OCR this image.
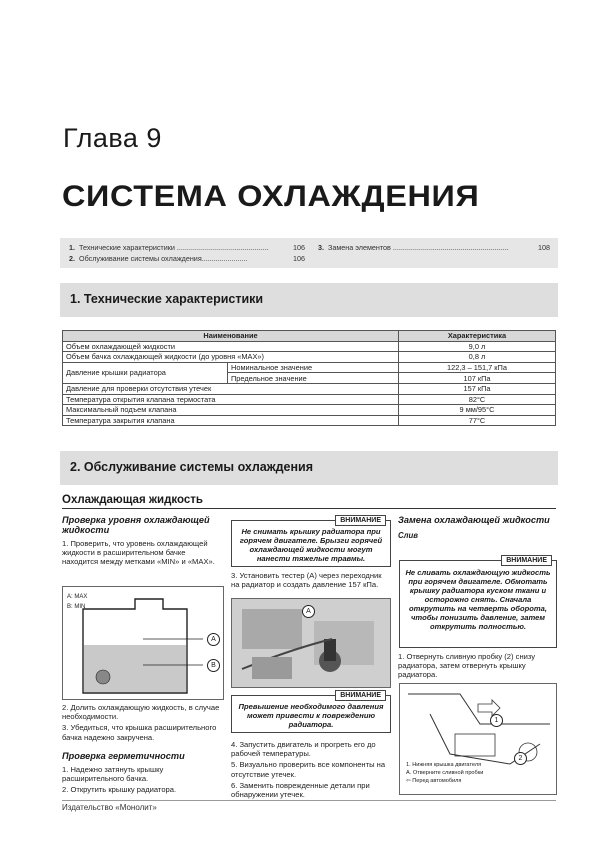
Глава 9
СИСТЕМА ОХЛАЖДЕНИЯ
1. Технические характеристики ..............................................	106
2. Обслуживание системы охлаждения.......................	106
3. Замена элементов ..........................................................	108
1. Технические характеристики
Наименование		Характеристика
Объем охлаждающей жидкости		9,0 л
Объем бачка охлаждающей жидкости (до уровня «MAX»)		0,8 л
Давление крышки радиатора	Номинальное значение	122,3 – 151,7 кПа
	Предельное значение	107 кПа
Давление для проверки отсутствия утечек		157 кПа
Температура открытия клапана термостата		82°C
Максимальный подъем клапана		9 мм/95°C
Температура закрытия клапана		77°C
2. Обслуживание системы охлаждения
Охлаждающая жидкость
Проверка уровня охлаждающей жидкости
1. Проверить, что уровень охлаждающей жидкости в расширительном бачке находится между метками «MIN» и «MAX».
A: MAX
B: MIN
A
B
2. Долить охлаждающую жидкость, в случае необходимости.
3. Убедиться, что крышка расширительного бачка надежно закручена.
Проверка герметичности
1. Надежно затянуть крышку расширительного бачка.
2. Открутить крышку радиатора.
ВНИМАНИЕ
Не снимать крышку радиатора при горячем двигателе. Брызги горячей охлаждающей жидкости могут нанести тяжелые травмы.
3. Установить тестер (A) через переходник на радиатор и создать давление 157 кПа.
A
ВНИМАНИЕ
Превышение необходимого давления может привести к повреждению радиатора.
4. Запустить двигатель и прогреть его до рабочей температуры.
5. Визуально проверить все компоненты на отсутствие утечек.
6. Заменить поврежденные детали при обнаружении утечек.
Замена охлаждающей жидкости
Слив
ВНИМАНИЕ
Не сливать охлаждающую жидкость при горячем двигателе. Обмотать крышку радиатора куском ткани и осторожно снять. Сначала открутить на четверть оборота, чтобы понизить давление, затем открутить полностью.
1. Отвернуть сливную пробку (2) снизу радиатора, затем отвернуть крышку радиатора.
1
2
1. Нижняя крышка двигателя
A. Отверните сливной пробки
⇦ Перед автомобиля
Издательство «Монолит»
